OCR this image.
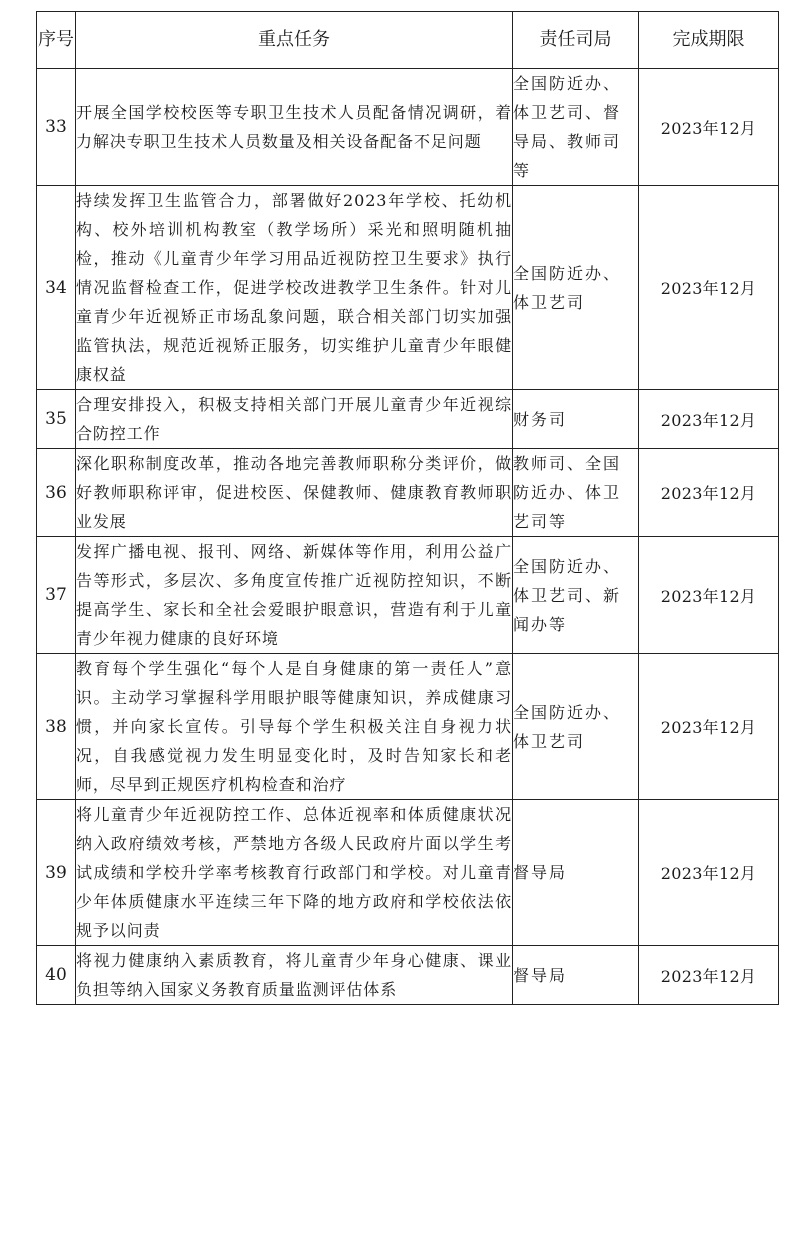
序号	重点任务	责任司局	完成期限
33	开展全国学校校医等专职卫生技术人员配备情况调研，着力解决专职卫生技术人员数量及相关设备配备不足问题	全国防近办、体卫艺司、督导局、教师司等	2023年12月
34	持续发挥卫生监管合力，部署做好2023年学校、托幼机构、校外培训机构教室（教学场所）采光和照明随机抽检，推动《儿童青少年学习用品近视防控卫生要求》执行情况监督检查工作，促进学校改进教学卫生条件。针对儿童青少年近视矫正市场乱象问题，联合相关部门切实加强监管执法，规范近视矫正服务，切实维护儿童青少年眼健康权益	全国防近办、体卫艺司	2023年12月
35	合理安排投入，积极支持相关部门开展儿童青少年近视综合防控工作	财务司	2023年12月
36	深化职称制度改革，推动各地完善教师职称分类评价，做好教师职称评审，促进校医、保健教师、健康教育教师职业发展	教师司、全国防近办、体卫艺司等	2023年12月
37	发挥广播电视、报刊、网络、新媒体等作用，利用公益广告等形式，多层次、多角度宣传推广近视防控知识，不断提高学生、家长和全社会爱眼护眼意识，营造有利于儿童青少年视力健康的良好环境	全国防近办、体卫艺司、新闻办等	2023年12月
38	教育每个学生强化“每个人是自身健康的第一责任人”意识。主动学习掌握科学用眼护眼等健康知识，养成健康习惯，并向家长宣传。引导每个学生积极关注自身视力状况，自我感觉视力发生明显变化时，及时告知家长和老师，尽早到正规医疗机构检查和治疗	全国防近办、体卫艺司	2023年12月
39	将儿童青少年近视防控工作、总体近视率和体质健康状况纳入政府绩效考核，严禁地方各级人民政府片面以学生考试成绩和学校升学率考核教育行政部门和学校。对儿童青少年体质健康水平连续三年下降的地方政府和学校依法依规予以问责	督导局	2023年12月
40	将视力健康纳入素质教育，将儿童青少年身心健康、课业负担等纳入国家义务教育质量监测评估体系	督导局	2023年12月
